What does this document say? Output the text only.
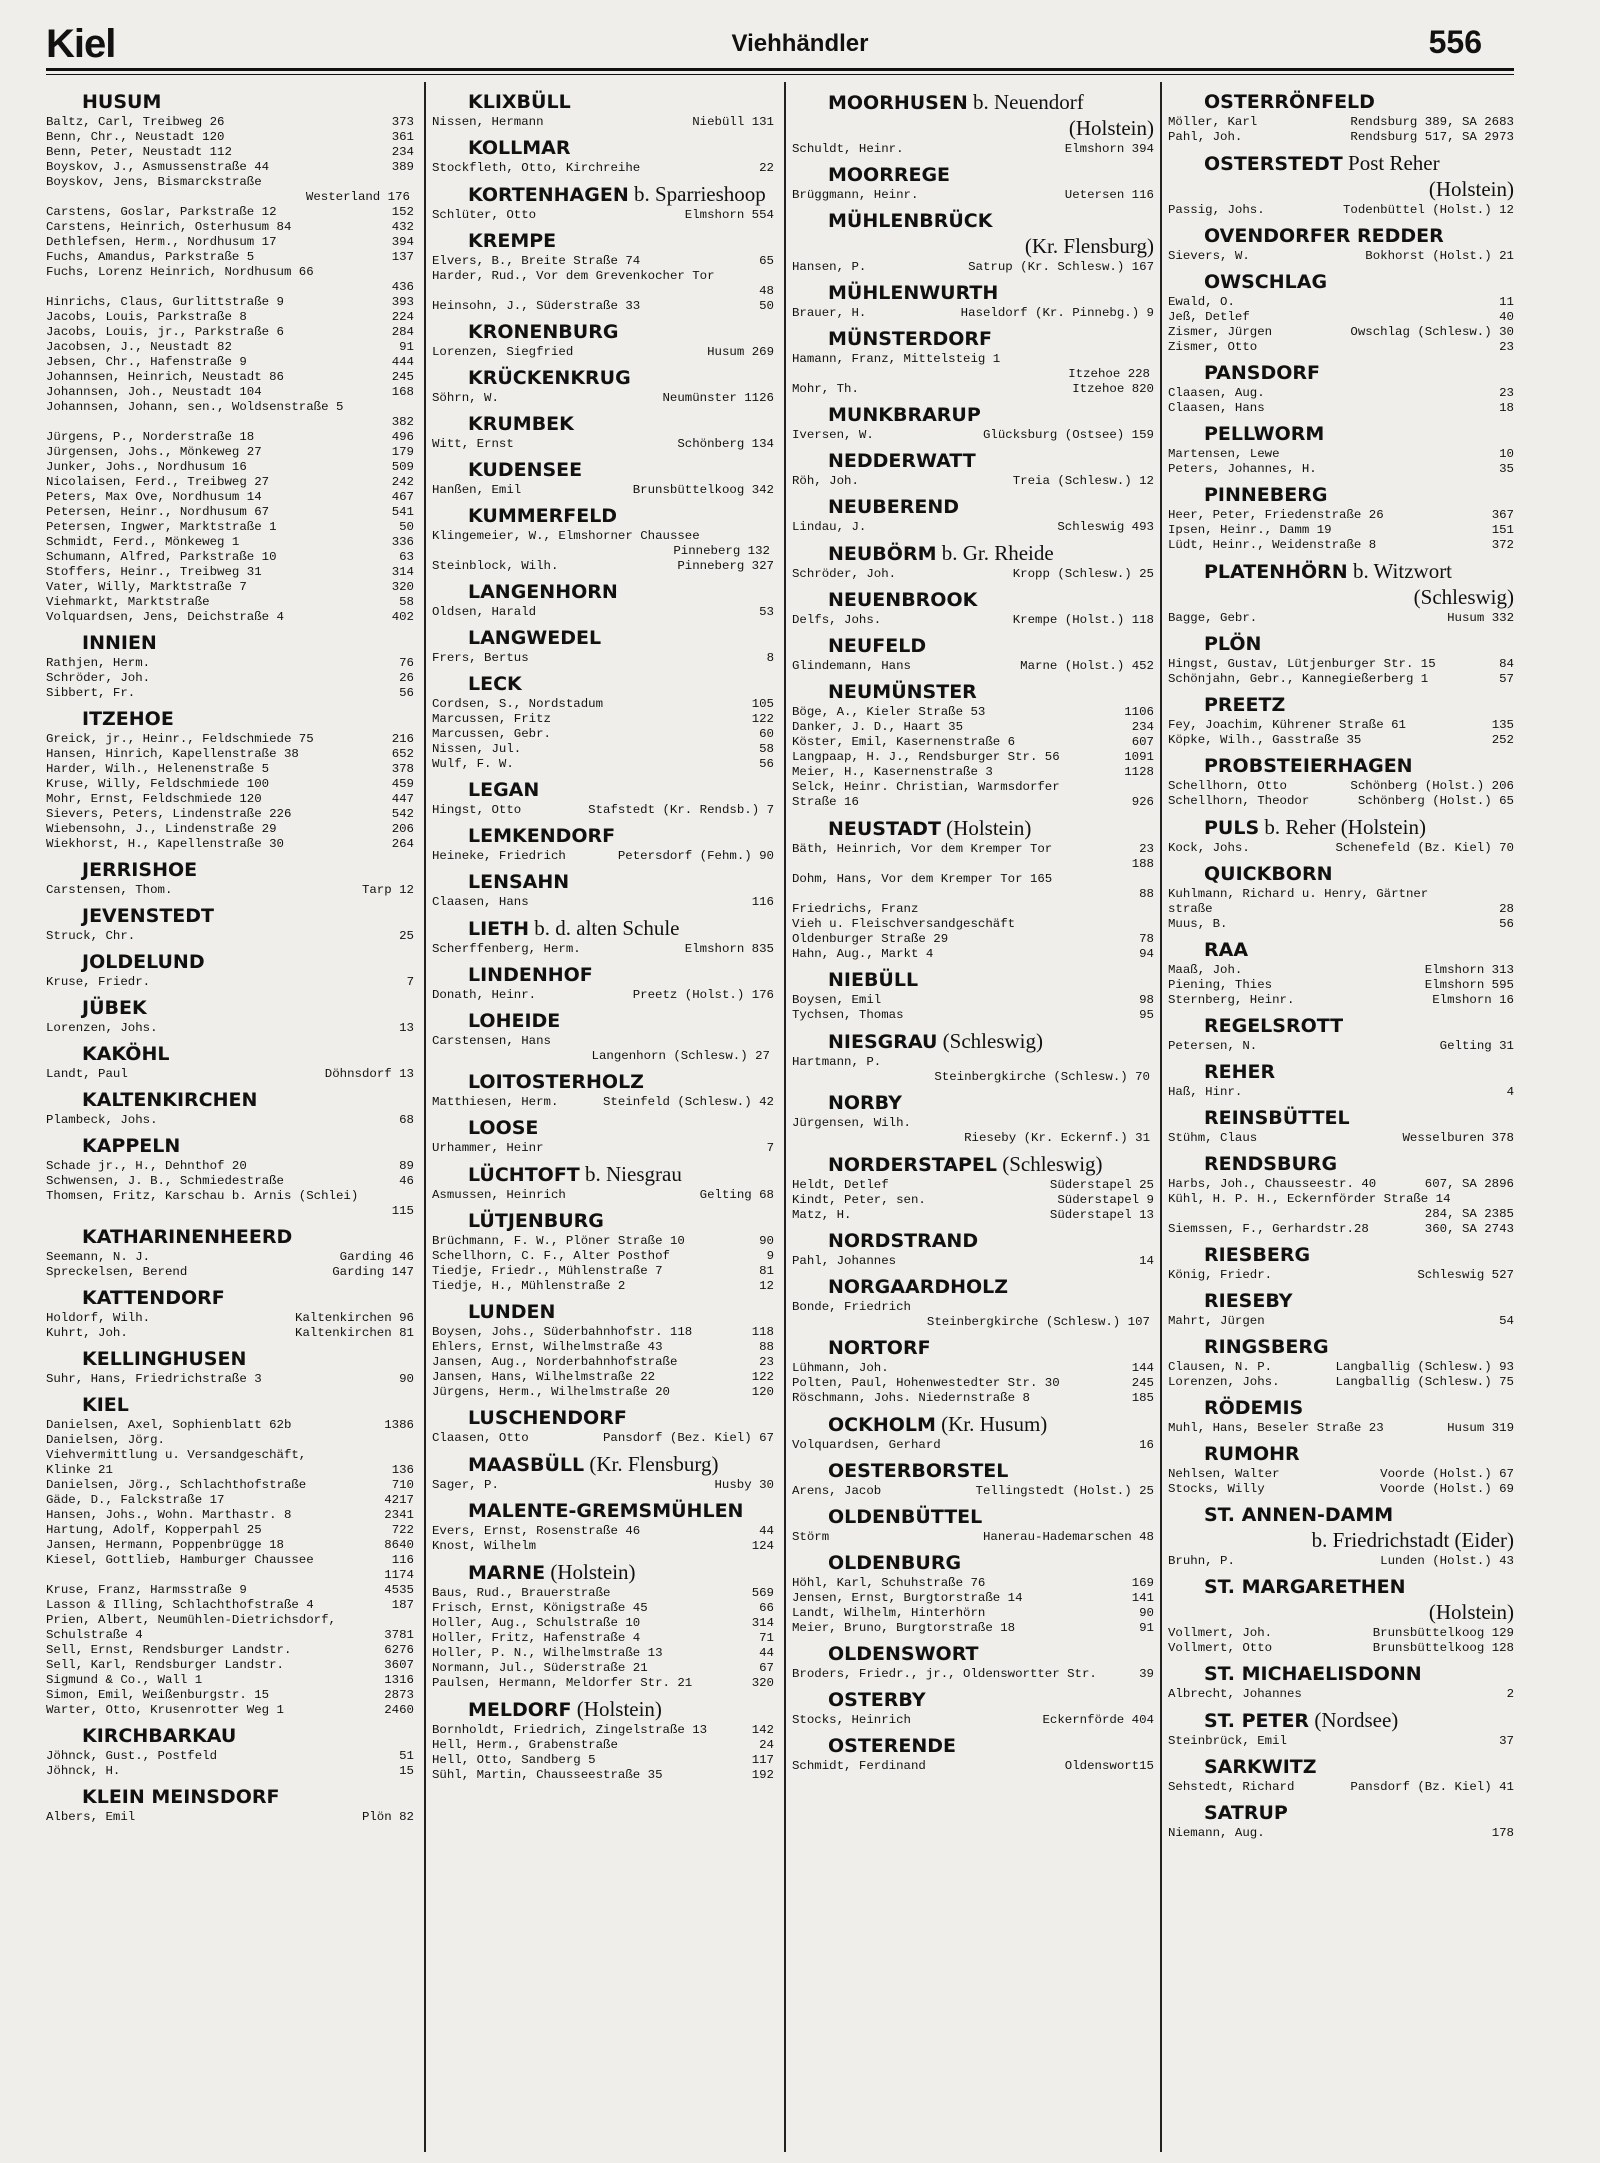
Kiel	Viehhändler	556
HUSUM
Baltz, Carl, Treibweg 26	373
Benn, Chr., Neustadt 120	361
Benn, Peter, Neustadt 112	234
Boyskov, J., Asmussenstraße 44	389
Boyskov, Jens, Bismarckstraße
Westerland 176
Carstens, Goslar, Parkstraße 12	152
Carstens, Heinrich, Osterhusum 84	432
Dethlefsen, Herm., Nordhusum 17	394
Fuchs, Amandus, Parkstraße 5	137
Fuchs, Lorenz Heinrich, Nordhusum 66
436
Hinrichs, Claus, Gurlittstraße 9	393
Jacobs, Louis, Parkstraße 8	224
Jacobs, Louis, jr., Parkstraße 6	284
Jacobsen, J., Neustadt 82	91
Jebsen, Chr., Hafenstraße 9	444
Johannsen, Heinrich, Neustadt 86	245
Johannsen, Joh., Neustadt 104	168
Johannsen, Johann, sen., Woldsenstraße 5
382
Jürgens, P., Norderstraße 18	496
Jürgensen, Johs., Mönkeweg 27	179
Junker, Johs., Nordhusum 16	509
Nicolaisen, Ferd., Treibweg 27	242
Peters, Max Ove, Nordhusum 14	467
Petersen, Heinr., Nordhusum 67	541
Petersen, Ingwer, Marktstraße 1	50
Schmidt, Ferd., Mönkeweg 1	336
Schumann, Alfred, Parkstraße 10	63
Stoffers, Heinr., Treibweg 31	314
Vater, Willy, Marktstraße 7	320
Viehmarkt, Marktstraße	58
Volquardsen, Jens, Deichstraße 4	402
INNIEN
Rathjen, Herm.	76
Schröder, Joh.	26
Sibbert, Fr.	56
ITZEHOE
Greick, jr., Heinr., Feldschmiede 75	216
Hansen, Hinrich, Kapellenstraße 38	652
Harder, Wilh., Helenenstraße 5	378
Kruse, Willy, Feldschmiede 100	459
Mohr, Ernst, Feldschmiede 120	447
Sievers, Peters, Lindenstraße 226	542
Wiebensohn, J., Lindenstraße 29	206
Wiekhorst, H., Kapellenstraße 30	264
JERRISHOE
Carstensen, Thom.	Tarp 12
JEVENSTEDT
Struck, Chr.	25
JOLDELUND
Kruse, Friedr.	7
JÜBEK
Lorenzen, Johs.	13
KAKÖHL
Landt, Paul	Döhnsdorf 13
KALTENKIRCHEN
Plambeck, Johs.	68
KAPPELN
Schade jr., H., Dehnthof 20	89
Schwensen, J. B., Schmiedestraße	46
Thomsen, Fritz, Karschau b. Arnis (Schlei)
115
KATHARINENHEERD
Seemann, N. J.	Garding 46
Spreckelsen, Berend	Garding 147
KATTENDORF
Holdorf, Wilh.	Kaltenkirchen 96
Kuhrt, Joh.	Kaltenkirchen 81
KELLINGHUSEN
Suhr, Hans, Friedrichstraße 3	90
KIEL
Danielsen, Axel, Sophienblatt 62b	1386
Danielsen, Jörg.
Viehvermittlung u. Versandgeschäft,
Klinke 21	136
Danielsen, Jörg., Schlachthofstraße	710
Gäde, D., Falckstraße 17	4217
Hansen, Johs., Wohn. Marthastr. 8	2341
Hartung, Adolf, Kopperpahl 25	722
Jansen, Hermann, Poppenbrügge 18	8640
Kiesel, Gottlieb, Hamburger Chaussee	116
1174
Kruse, Franz, Harmsstraße 9	4535
Lasson & Illing, Schlachthofstraße 4	187
Prien, Albert, Neumühlen-Dietrichsdorf,
Schulstraße 4	3781
Sell, Ernst, Rendsburger Landstr.	6276
Sell, Karl, Rendsburger Landstr.	3607
Sigmund & Co., Wall 1	1316
Simon, Emil, Weißenburgstr. 15	2873
Warter, Otto, Krusenrotter Weg 1	2460
KIRCHBARKAU
Jöhnck, Gust., Postfeld	51
Jöhnck, H.	15
KLEIN MEINSDORF
Albers, Emil	Plön 82
KLIXBÜLL
Nissen, Hermann	Niebüll 131
KOLLMAR
Stockfleth, Otto, Kirchreihe	22
KORTENHAGEN b. Sparrieshoop
Schlüter, Otto	Elmshorn 554
KREMPE
Elvers, B., Breite Straße 74	65
Harder, Rud., Vor dem Grevenkocher Tor
48
Heinsohn, J., Süderstraße 33	50
KRONENBURG
Lorenzen, Siegfried	Husum 269
KRÜCKENKRUG
Söhrn, W.	Neumünster 1126
KRUMBEK
Witt, Ernst	Schönberg 134
KUDENSEE
Hanßen, Emil	Brunsbüttelkoog 342
KUMMERFELD
Klingemeier, W., Elmshorner Chaussee
Pinneberg 132
Steinblock, Wilh.	Pinneberg 327
LANGENHORN
Oldsen, Harald	53
LANGWEDEL
Frers, Bertus	8
LECK
Cordsen, S., Nordstadum	105
Marcussen, Fritz	122
Marcussen, Gebr.	60
Nissen, Jul.	58
Wulf, F. W.	56
LEGAN
Hingst, Otto	Stafstedt (Kr. Rendsb.) 7
LEMKENDORF
Heineke, Friedrich	Petersdorf (Fehm.) 90
LENSAHN
Claasen, Hans	116
LIETH b. d. alten Schule
Scherffenberg, Herm.	Elmshorn 835
LINDENHOF
Donath, Heinr.	Preetz (Holst.) 176
LOHEIDE
Carstensen, Hans
Langenhorn (Schlesw.) 27
LOITOSTERHOLZ
Matthiesen, Herm.	Steinfeld (Schlesw.) 42
LOOSE
Urhammer, Heinr	7
LÜCHTOFT b. Niesgrau
Asmussen, Heinrich	Gelting 68
LÜTJENBURG
Brüchmann, F. W., Plöner Straße 10	90
Schellhorn, C. F., Alter Posthof	9
Tiedje, Friedr., Mühlenstraße 7	81
Tiedje, H., Mühlenstraße 2	12
LUNDEN
Boysen, Johs., Süderbahnhofstr. 118	118
Ehlers, Ernst, Wilhelmstraße 43	88
Jansen, Aug., Norderbahnhofstraße	23
Jansen, Hans, Wilhelmstraße 22	122
Jürgens, Herm., Wilhelmstraße 20	120
LUSCHENDORF
Claasen, Otto	Pansdorf (Bez. Kiel) 67
MAASBÜLL (Kr. Flensburg)
Sager, P.	Husby 30
MALENTE-GREMSMÜHLEN
Evers, Ernst, Rosenstraße 46	44
Knost, Wilhelm	124
MARNE (Holstein)
Baus, Rud., Brauerstraße	569
Frisch, Ernst, Königstraße 45	66
Holler, Aug., Schulstraße 10	314
Holler, Fritz, Hafenstraße 4	71
Holler, P. N., Wilhelmstraße 13	44
Normann, Jul., Süderstraße 21	67
Paulsen, Hermann, Meldorfer Str. 21	320
MELDORF (Holstein)
Bornholdt, Friedrich, Zingelstraße 13	142
Hell, Herm., Grabenstraße	24
Hell, Otto, Sandberg 5	117
Sühl, Martin, Chausseestraße 35	192
MOORHUSEN b. Neuendorf
(Holstein)
Schuldt, Heinr.	Elmshorn 394
MOORREGE
Brüggmann, Heinr.	Uetersen 116
MÜHLENBRÜCK
(Kr. Flensburg)
Hansen, P.	Satrup (Kr. Schlesw.) 167
MÜHLENWURTH
Brauer, H.	Haseldorf (Kr. Pinnebg.) 9
MÜNSTERDORF
Hamann, Franz, Mittelsteig 1
Itzehoe 228
Mohr, Th.	Itzehoe 820
MUNKBRARUP
Iversen, W.	Glücksburg (Ostsee) 159
NEDDERWATT
Röh, Joh.	Treia (Schlesw.) 12
NEUBEREND
Lindau, J.	Schleswig 493
NEUBÖRM b. Gr. Rheide
Schröder, Joh.	Kropp (Schlesw.) 25
NEUENBROOK
Delfs, Johs.	Krempe (Holst.) 118
NEUFELD
Glindemann, Hans	Marne (Holst.) 452
NEUMÜNSTER
Böge, A., Kieler Straße 53	1106
Danker, J. D., Haart 35	234
Köster, Emil, Kasernenstraße 6	607
Langpaap, H. J., Rendsburger Str. 56	1091
Meier, H., Kasernenstraße 3	1128
Selck, Heinr. Christian, Warmsdorfer
Straße 16	926
NEUSTADT (Holstein)
Bäth, Heinrich, Vor dem Kremper Tor	23
188
Dohm, Hans, Vor dem Kremper Tor 165
88
Friedrichs, Franz
Vieh u. Fleischversandgeschäft
Oldenburger Straße 29	78
Hahn, Aug., Markt 4	94
NIEBÜLL
Boysen, Emil	98
Tychsen, Thomas	95
NIESGRAU (Schleswig)
Hartmann, P.
Steinbergkirche (Schlesw.) 70
NORBY
Jürgensen, Wilh.
Rieseby (Kr. Eckernf.) 31
NORDERSTAPEL (Schleswig)
Heldt, Detlef	Süderstapel 25
Kindt, Peter, sen.	Süderstapel 9
Matz, H.	Süderstapel 13
NORDSTRAND
Pahl, Johannes	14
NORGAARDHOLZ
Bonde, Friedrich
Steinbergkirche (Schlesw.) 107
NORTORF
Lühmann, Joh.	144
Polten, Paul, Hohenwestedter Str. 30	245
Röschmann, Johs. Niedernstraße 8	185
OCKHOLM (Kr. Husum)
Volquardsen, Gerhard	16
OESTERBORSTEL
Arens, Jacob	Tellingstedt (Holst.) 25
OLDENBÜTTEL
Störm	Hanerau-Hademarschen 48
OLDENBURG
Höhl, Karl, Schuhstraße 76	169
Jensen, Ernst, Burgtorstraße 14	141
Landt, Wilhelm, Hinterhörn	90
Meier, Bruno, Burgtorstraße 18	91
OLDENSWORT
Broders, Friedr., jr., Oldenswortter Str.	39
OSTERBY
Stocks, Heinrich	Eckernförde 404
OSTERENDE
Schmidt, Ferdinand	Oldenswort15
OSTERRÖNFELD
Möller, Karl	Rendsburg 389, SA 2683
Pahl, Joh.	Rendsburg 517, SA 2973
OSTERSTEDT Post Reher
(Holstein)
Passig, Johs.	Todenbüttel (Holst.) 12
OVENDORFER REDDER
Sievers, W.	Bokhorst (Holst.) 21
OWSCHLAG
Ewald, O.	11
Jeß, Detlef	40
Zismer, Jürgen	Owschlag (Schlesw.) 30
Zismer, Otto	23
PANSDORF
Claasen, Aug.	23
Claasen, Hans	18
PELLWORM
Martensen, Lewe	10
Peters, Johannes, H.	35
PINNEBERG
Heer, Peter, Friedenstraße 26	367
Ipsen, Heinr., Damm 19	151
Lüdt, Heinr., Weidenstraße 8	372
PLATENHÖRN b. Witzwort
(Schleswig)
Bagge, Gebr.	Husum 332
PLÖN
Hingst, Gustav, Lütjenburger Str. 15	84
Schönjahn, Gebr., Kannegießerberg 1	57
PREETZ
Fey, Joachim, Kührener Straße 61	135
Köpke, Wilh., Gasstraße 35	252
PROBSTEIERHAGEN
Schellhorn, Otto	Schönberg (Holst.) 206
Schellhorn, Theodor	Schönberg (Holst.) 65
PULS b. Reher (Holstein)
Kock, Johs.	Schenefeld (Bz. Kiel) 70
QUICKBORN
Kuhlmann, Richard u. Henry, Gärtner
straße	28
Muus, B.	56
RAA
Maaß, Joh.	Elmshorn 313
Piening, Thies	Elmshorn 595
Sternberg, Heinr.	Elmshorn 16
REGELSROTT
Petersen, N.	Gelting 31
REHER
Haß, Hinr.	4
REINSBÜTTEL
Stühm, Claus	Wesselburen 378
RENDSBURG
Harbs, Joh., Chausseestr. 40	607, SA 2896
Kühl, H. P. H., Eckernförder Straße 14
284, SA 2385
Siemssen, F., Gerhardstr.28	360, SA 2743
RIESBERG
König, Friedr.	Schleswig 527
RIESEBY
Mahrt, Jürgen	54
RINGSBERG
Clausen, N. P.	Langballig (Schlesw.) 93
Lorenzen, Johs.	Langballig (Schlesw.) 75
RÖDEMIS
Muhl, Hans, Beseler Straße 23	Husum 319
RUMOHR
Nehlsen, Walter	Voorde (Holst.) 67
Stocks, Willy	Voorde (Holst.) 69
ST. ANNEN-DAMM
b. Friedrichstadt (Eider)
Bruhn, P.	Lunden (Holst.) 43
ST. MARGARETHEN
(Holstein)
Vollmert, Joh.	Brunsbüttelkoog 129
Vollmert, Otto	Brunsbüttelkoog 128
ST. MICHAELISDONN
Albrecht, Johannes	2
ST. PETER (Nordsee)
Steinbrück, Emil	37
SARKWITZ
Sehstedt, Richard	Pansdorf (Bz. Kiel) 41
SATRUP
Niemann, Aug.	178
